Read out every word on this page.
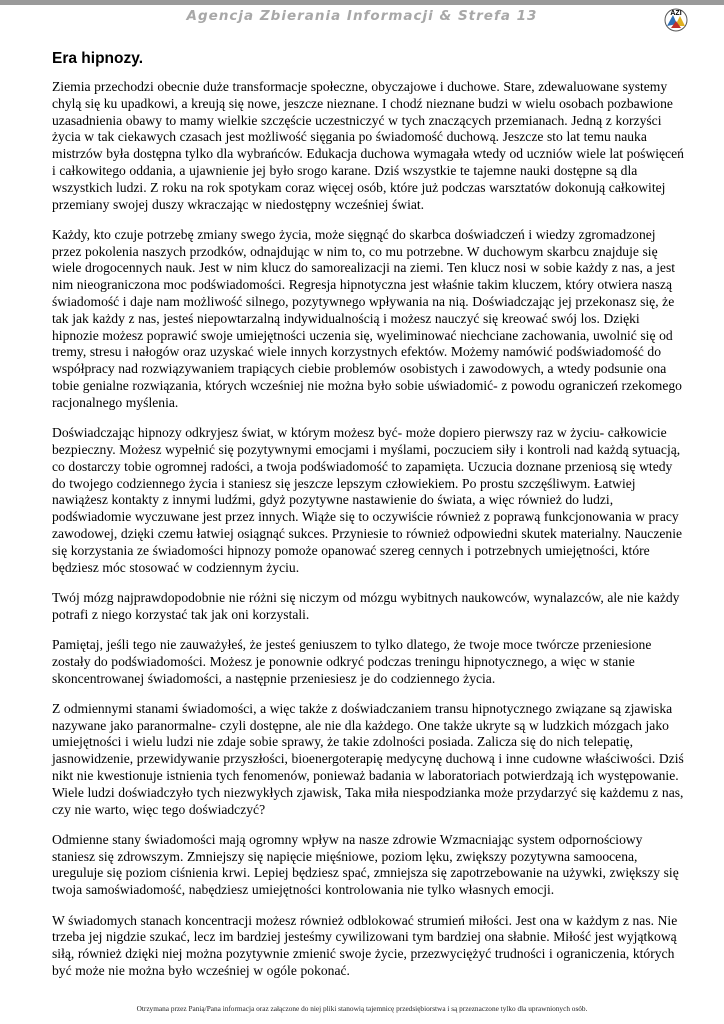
Agencja Zbierania Informacji & Strefa 13	AZI
Era hipnozy.

Ziemia przechodzi obecnie duże transformacje społeczne, obyczajowe i duchowe. Stare, zdewaluowane systemy chylą się ku upadkowi, a kreują się nowe, jeszcze nieznane. I chodź nieznane budzi w wielu osobach pozbawione uzasadnienia obawy to mamy wielkie szczęście uczestniczyć w tych znaczących przemianach. Jedną z korzyści życia w tak ciekawych czasach jest możliwość sięgania po świadomość duchową. Jeszcze sto lat temu nauka mistrzów była dostępna tylko dla wybrańców. Edukacja duchowa wymagała wtedy od uczniów wiele lat poświęceń i całkowitego oddania, a ujawnienie jej było srogo karane. Dziś wszystkie te tajemne nauki dostępne są dla wszystkich ludzi. Z roku na rok spotykam coraz więcej osób, które już podczas warsztatów dokonują całkowitej przemiany swojej duszy wkraczając w niedostępny wcześniej świat.

Każdy, kto czuje potrzebę zmiany swego życia, może sięgnąć do skarbca doświadczeń i wiedzy zgromadzonej przez pokolenia naszych przodków, odnajdując w nim to, co mu potrzebne. W duchowym skarbcu znajduje się wiele drogocennych nauk. Jest w nim klucz do samorealizacji na ziemi. Ten klucz nosi w sobie każdy z nas, a jest nim nieograniczona moc podświadomości. Regresja hipnotyczna jest właśnie takim kluczem, który otwiera naszą świadomość i daje nam możliwość silnego, pozytywnego wpływania na nią. Doświadczając jej przekonasz się, że tak jak każdy z nas, jesteś niepowtarzalną indywidualnością i możesz nauczyć się kreować swój los. Dzięki hipnozie możesz poprawić swoje umiejętności uczenia się, wyeliminować niechciane zachowania, uwolnić się od tremy, stresu i nałogów oraz uzyskać wiele innych korzystnych efektów. Możemy namówić podświadomość do współpracy nad rozwiązywaniem trapiących ciebie problemów osobistych i zawodowych, a wtedy podsunie ona tobie genialne rozwiązania, których wcześniej nie można było sobie uświadomić- z powodu ograniczeń rzekomego racjonalnego myślenia.

Doświadczając hipnozy odkryjesz świat, w którym możesz być- może dopiero pierwszy raz w życiu- całkowicie bezpieczny. Możesz wypełnić się pozytywnymi emocjami i myślami, poczuciem siły i kontroli nad każdą sytuacją, co dostarczy tobie ogromnej radości, a twoja podświadomość to zapamięta. Uczucia doznane przeniosą się wtedy do twojego codziennego życia i staniesz się jeszcze lepszym człowiekiem. Po prostu szczęśliwym. Łatwiej nawiążesz kontakty z innymi ludźmi, gdyż pozytywne nastawienie do świata, a więc również do ludzi, podświadomie wyczuwane jest przez innych. Wiąże się to oczywiście również z poprawą funkcjonowania w pracy zawodowej, dzięki czemu łatwiej osiągnąć sukces. Przyniesie to również odpowiedni skutek materialny. Nauczenie się korzystania ze świadomości hipnozy pomoże opanować szereg cennych i potrzebnych umiejętności, które będziesz móc stosować w codziennym życiu.

Twój mózg najprawdopodobnie nie różni się niczym od mózgu wybitnych naukowców, wynalazców, ale nie każdy potrafi z niego korzystać tak jak oni korzystali.

Pamiętaj, jeśli tego nie zauważyłeś, że jesteś geniuszem to tylko dlatego, że twoje moce twórcze przeniesione zostały do podświadomości. Możesz je ponownie odkryć podczas treningu hipnotycznego, a więc w stanie skoncentrowanej świadomości, a następnie przeniesiesz je do codziennego życia.

Z odmiennymi stanami świadomości, a więc także z doświadczaniem transu hipnotycznego związane są zjawiska nazywane jako paranormalne- czyli dostępne, ale nie dla każdego. One także ukryte są w ludzkich mózgach jako umiejętności i wielu ludzi nie zdaje sobie sprawy, że takie zdolności posiada. Zalicza się do nich telepatię, jasnowidzenie, przewidywanie przyszłości, bioenergoterapię medycynę duchową i inne cudowne właściwości. Dziś nikt nie kwestionuje istnienia tych fenomenów, ponieważ badania w laboratoriach potwierdzają ich występowanie. Wiele ludzi doświadczyło tych niezwykłych zjawisk, Taka miła niespodzianka może przydarzyć się każdemu z nas, czy nie warto, więc tego doświadczyć?

Odmienne stany świadomości mają ogromny wpływ na nasze zdrowie Wzmacniając system odpornościowy staniesz się zdrowszym. Zmniejszy się napięcie mięśniowe, poziom lęku, zwiększy pozytywna samoocena, ureguluje się poziom ciśnienia krwi. Lepiej będziesz spać, zmniejsza się zapotrzebowanie na używki, zwiększy się twoja samoświadomość, nabędziesz umiejętności kontrolowania nie tylko własnych emocji.

W świadomych stanach koncentracji możesz również odblokować strumień miłości. Jest ona w każdym z nas. Nie trzeba jej nigdzie szukać, lecz im bardziej jesteśmy cywilizowani tym bardziej ona słabnie. Miłość jest wyjątkową siłą, również dzięki niej można pozytywnie zmienić swoje życie, przezwyciężyć trudności i ograniczenia, których być może nie można było wcześniej w ogóle pokonać.

Otrzymana przez Panią/Pana informacja oraz załączone do niej pliki stanowią tajemnicę przedsiębiorstwa i są przeznaczone tylko dla uprawnionych osób.
